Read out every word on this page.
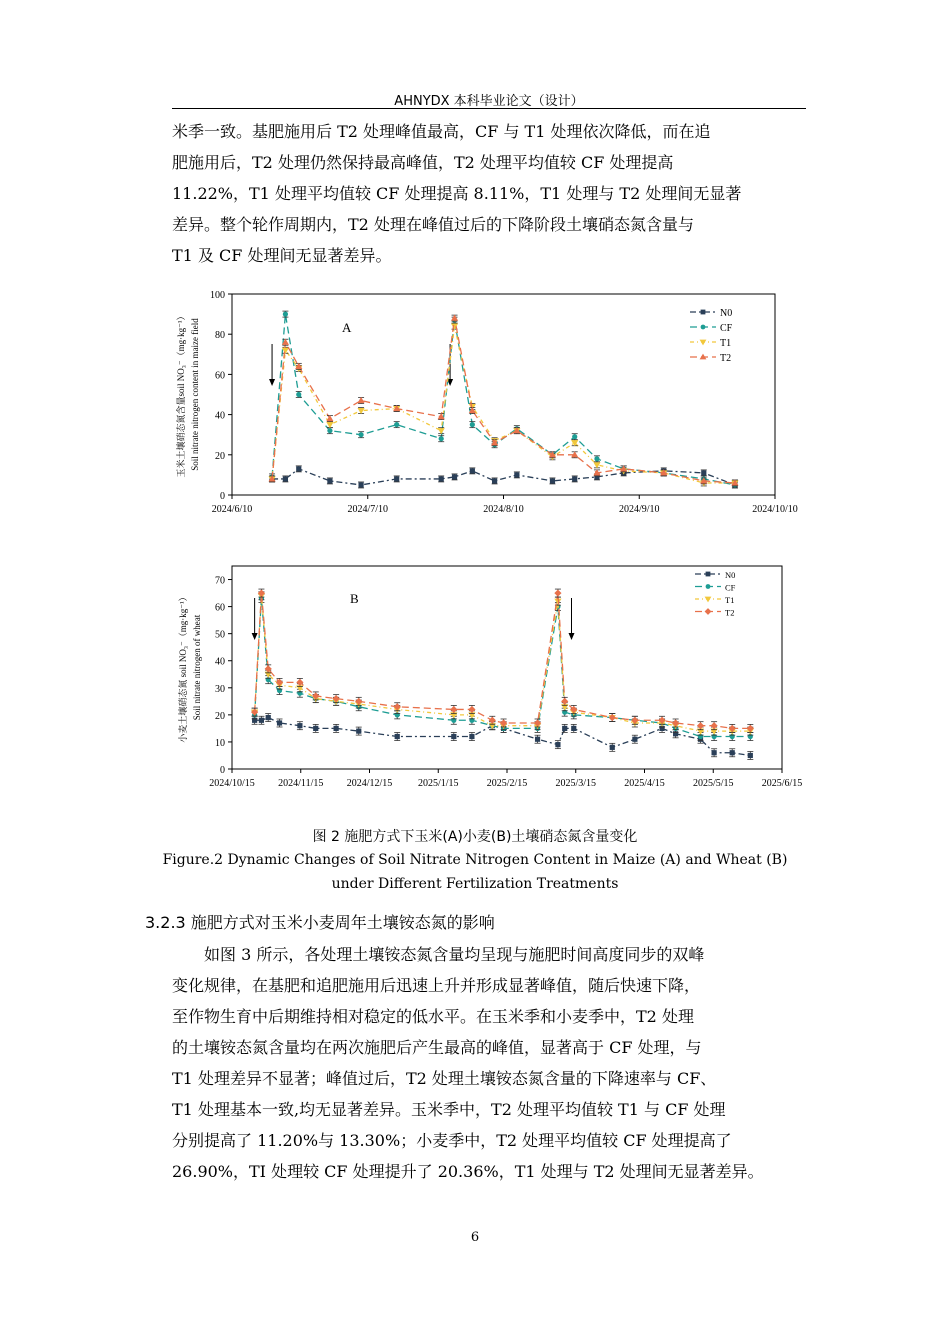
AHNYDX 本科毕业论文（设计）
米季一致。基肥施用后 T2 处理峰值最高，CF 与 T1 处理依次降低，而在追
肥施用后，T2 处理仍然保持最高峰值，T2 处理平均值较 CF 处理提高
11.22%，T1 处理平均值较 CF 处理提高 8.11%，T1 处理与 T2 处理间无显著
差异。整个轮作周期内，T2 处理在峰值过后的下降阶段土壤硝态氮含量与
T1 及 CF 处理间无显著差异。
0
20
40
60
80
100
2024/6/10	2024/7/10	2024/8/10	2024/9/10	2024/10/10
玉米土壤硝态氮含量soil NO₃⁻（mg·kg⁻¹） Soil nitrate nitrogen content in maize field	A
N0
CF
T1
T2
0
10
20
30
40
50
60
70
2024/10/15 2024/11/15 2024/12/15	2025/1/15	2025/2/15	2025/3/15	2025/4/15	2025/5/15	2025/6/15
小麦土壤硝态氮 soil NO₃⁻（mg·kg⁻¹） Soil nitrate nitrogen of wheat
B
N0
CF
T1
T2

图 2 施肥方式下玉米(A)小麦(B)土壤硝态氮含量变化

Figure.2 Dynamic Changes of Soil Nitrate Nitrogen Content in Maize (A) and Wheat (B)

under Different Fertilization Treatments

3.2.3 施肥方式对玉米小麦周年土壤铵态氮的影响

如图 3 所示，各处理土壤铵态氮含量均呈现与施肥时间高度同步的双峰
变化规律，在基肥和追肥施用后迅速上升并形成显著峰值，随后快速下降，
至作物生育中后期维持相对稳定的低水平。在玉米季和小麦季中，T2 处理
的土壤铵态氮含量均在两次施肥后产生最高的峰值，显著高于 CF 处理，与
T1 处理差异不显著；峰值过后，T2 处理土壤铵态氮含量的下降速率与 CF、
T1 处理基本一致,均无显著差异。玉米季中，T2 处理平均值较 T1 与 CF 处理
分别提高了 11.20%与 13.30%；小麦季中，T2 处理平均值较 CF 处理提高了
26.90%，TI 处理较 CF 处理提升了 20.36%，T1 处理与 T2 处理间无显著差异。
6
